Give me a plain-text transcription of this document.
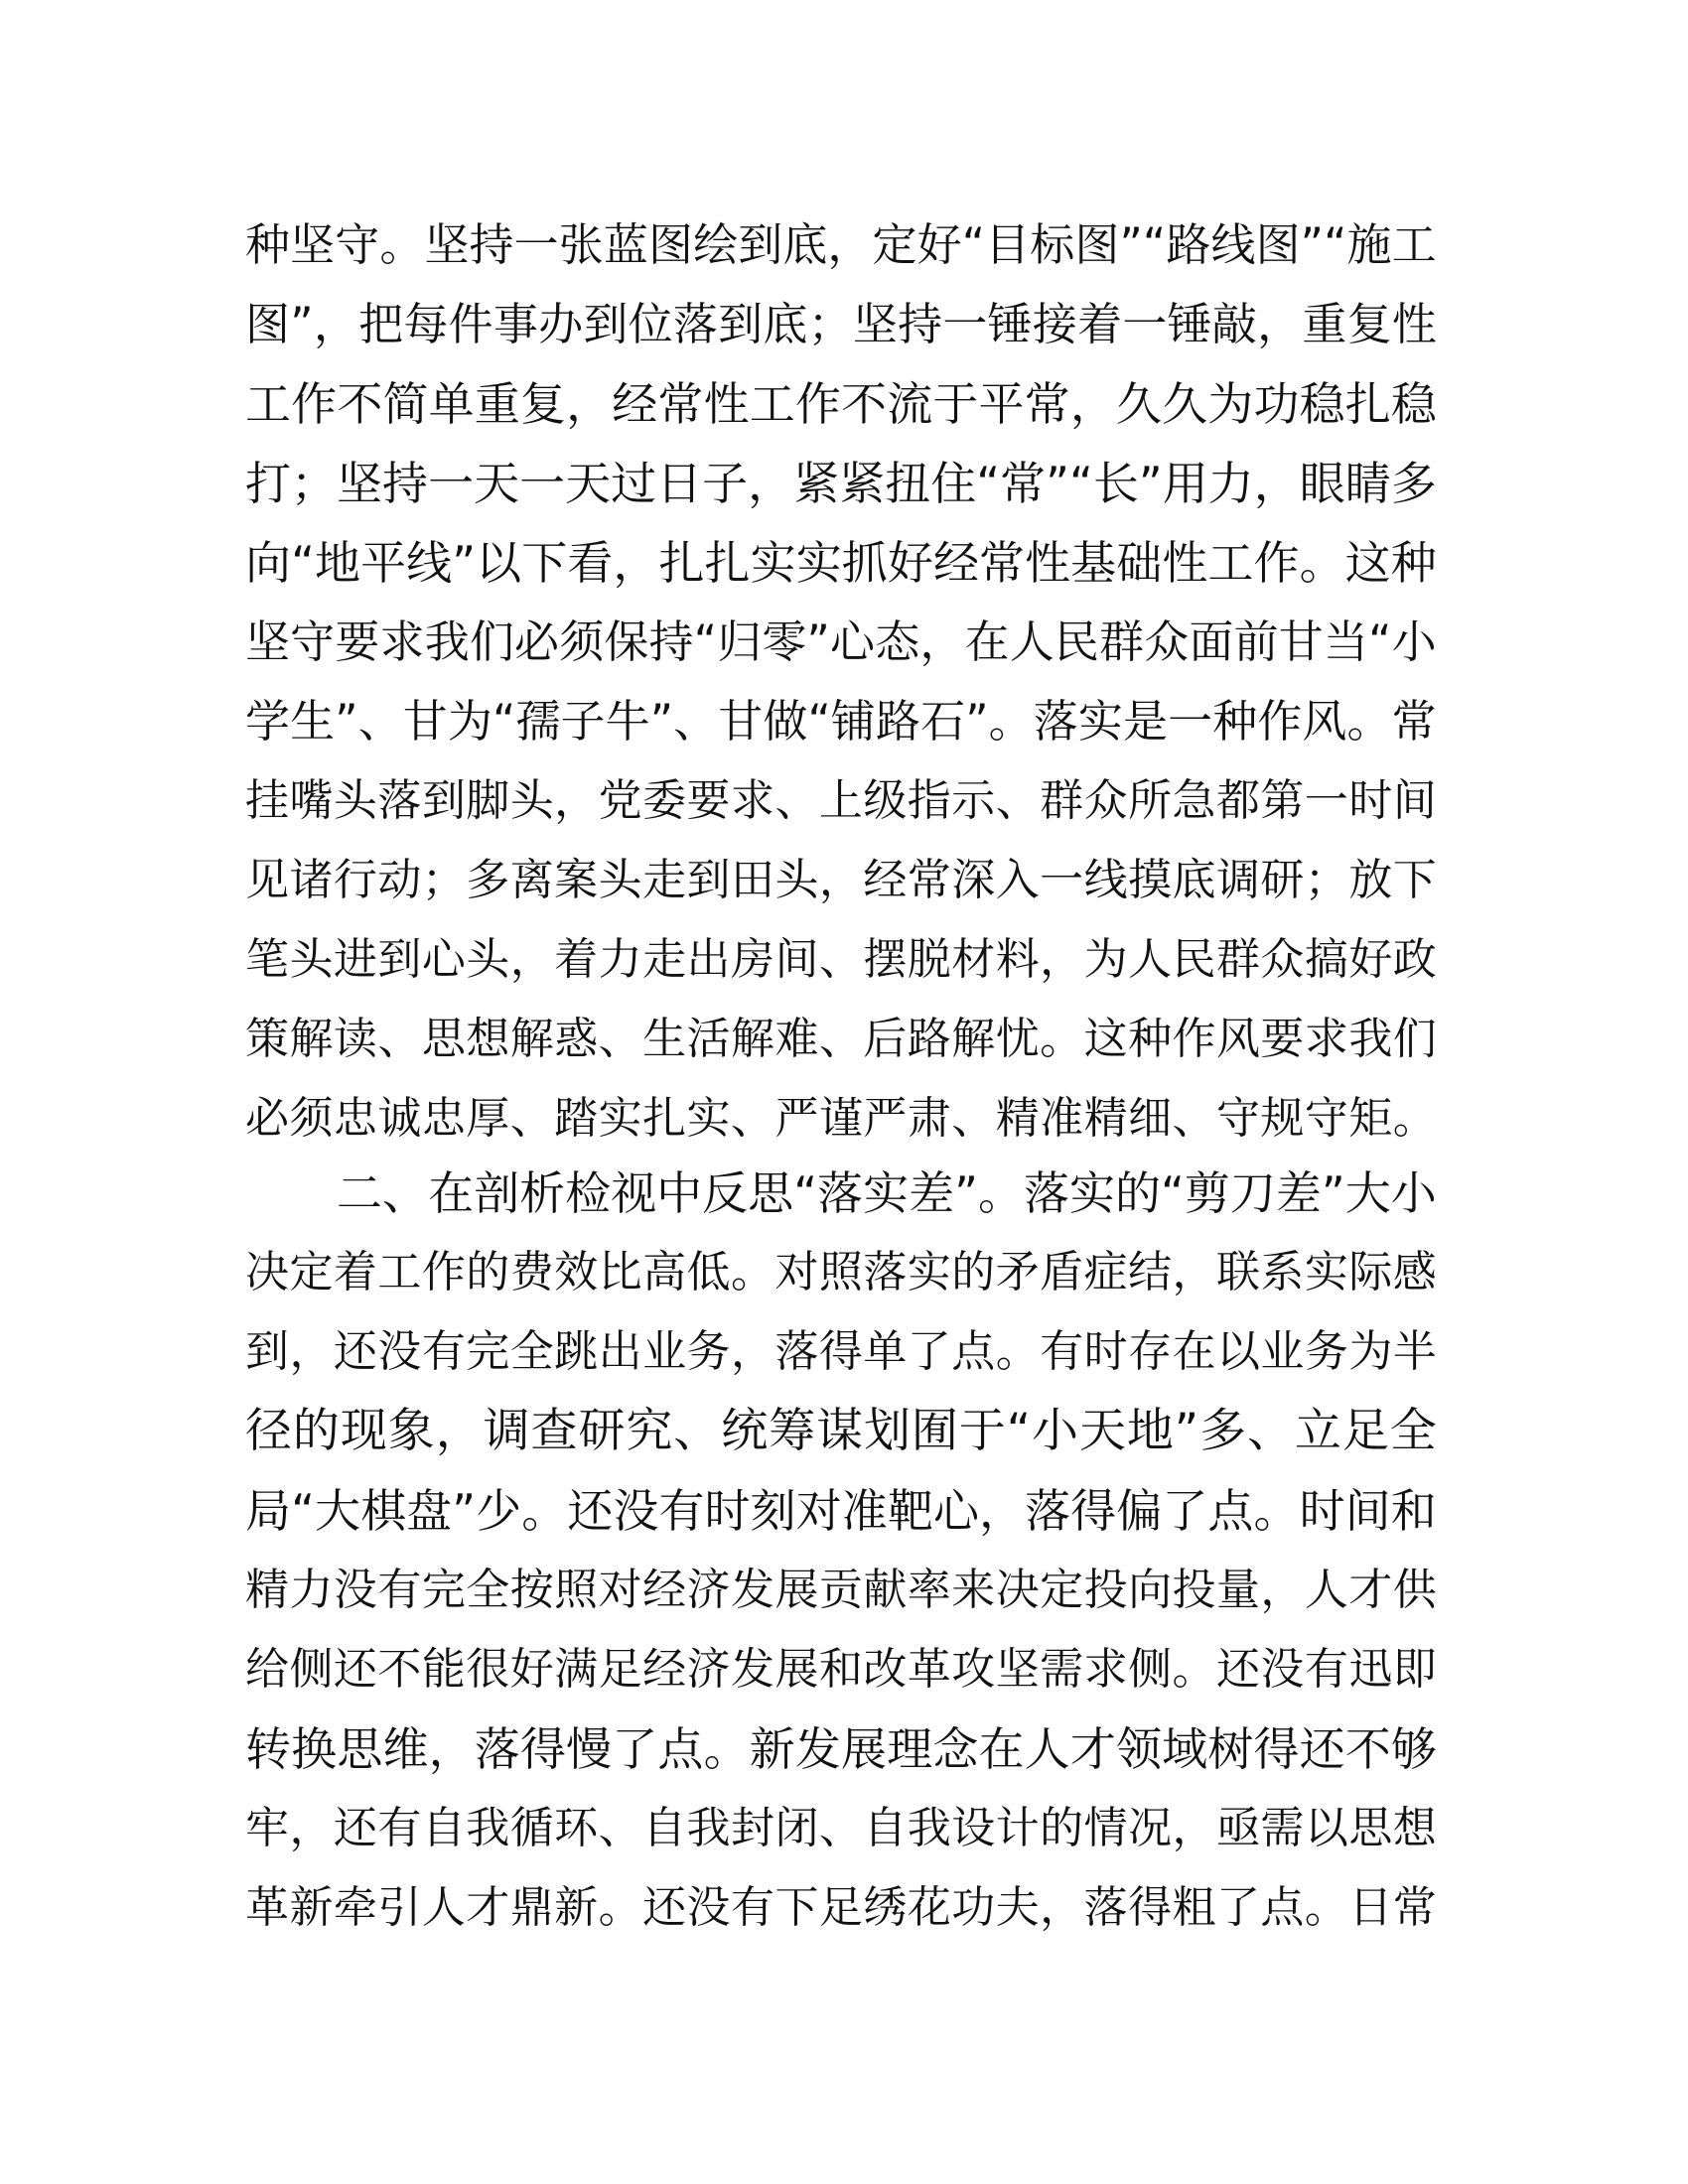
种 坚 守 。 坚 持 一 张 蓝 图 绘 到 底 ， 定 好 “ 目 标 图 ” “ 路 线 图 ” “ 施 工
图 ” ， 把 每 件 事 办 到 位 落 到 底 ； 坚 持 一 锤 接 着 一 锤 敲 ， 重 复 性
工 作 不 简 单 重 复 ， 经 常 性 工 作 不 流 于 平 常 ， 久 久 为 功 稳 扎 稳
打 ； 坚 持 一 天 一 天 过 日 子 ， 紧 紧 扭 住 “ 常 ” “ 长 ” 用 力 ， 眼 睛 多
向 “ 地 平 线 ” 以 下 看 ， 扎 扎 实 实 抓 好 经 常 性 基 础 性 工 作 。 这 种
坚 守 要 求 我 们 必 须 保 持 “ 归 零 ” 心 态 ， 在 人 民 群 众 面 前 甘 当 “ 小
学 生 ” 、 甘 为 “ 孺 子 牛 ” 、 甘 做 “ 铺 路 石 ” 。 落 实 是 一 种 作 风 。 常
挂 嘴 头 落 到 脚 头 ， 党 委 要 求 、 上 级 指 示 、 群 众 所 急 都 第 一 时 间
见 诸 行 动 ； 多 离 案 头 走 到 田 头 ， 经 常 深 入 一 线 摸 底 调 研 ； 放 下
笔 头 进 到 心 头 ， 着 力 走 出 房 间 、 摆 脱 材 料 ， 为 人 民 群 众 搞 好 政
策 解 读 、 思 想 解 惑 、 生 活 解 难 、 后 路 解 忧 。 这 种 作 风 要 求 我 们
必 须 忠 诚 忠 厚 、 踏 实 扎 实 、 严 谨 严 肃 、 精 准 精 细 、 守 规 守 矩 。

二 、 在 剖 析 检 视 中 反 思 “ 落 实 差 ” 。 落 实 的 “ 剪 刀 差 ” 大 小
决 定 着 工 作 的 费 效 比 高 低 。 对 照 落 实 的 矛 盾 症 结 ， 联 系 实 际 感
到 ， 还 没 有 完 全 跳 出 业 务 ， 落 得 单 了 点 。 有 时 存 在 以 业 务 为 半
径 的 现 象 ， 调 查 研 究 、 统 筹 谋 划 囿 于 “ 小 天 地 ” 多 、 立 足 全
局 “ 大 棋 盘 ” 少 。 还 没 有 时 刻 对 准 靶 心 ， 落 得 偏 了 点 。 时 间 和
精 力 没 有 完 全 按 照 对 经 济 发 展 贡 献 率 来 决 定 投 向 投 量 ， 人 才 供
给 侧 还 不 能 很 好 满 足 经 济 发 展 和 改 革 攻 坚 需 求 侧 。 还 没 有 迅 即
转 换 思 维 ， 落 得 慢 了 点 。 新 发 展 理 念 在 人 才 领 域 树 得 还 不 够
牢 ， 还 有 自 我 循 环 、 自 我 封 闭 、 自 我 设 计 的 情 况 ， 亟 需 以 思 想
革 新 牵 引 人 才 鼎 新 。 还 没 有 下 足 绣 花 功 夫 ， 落 得 粗 了 点 。 日 常
